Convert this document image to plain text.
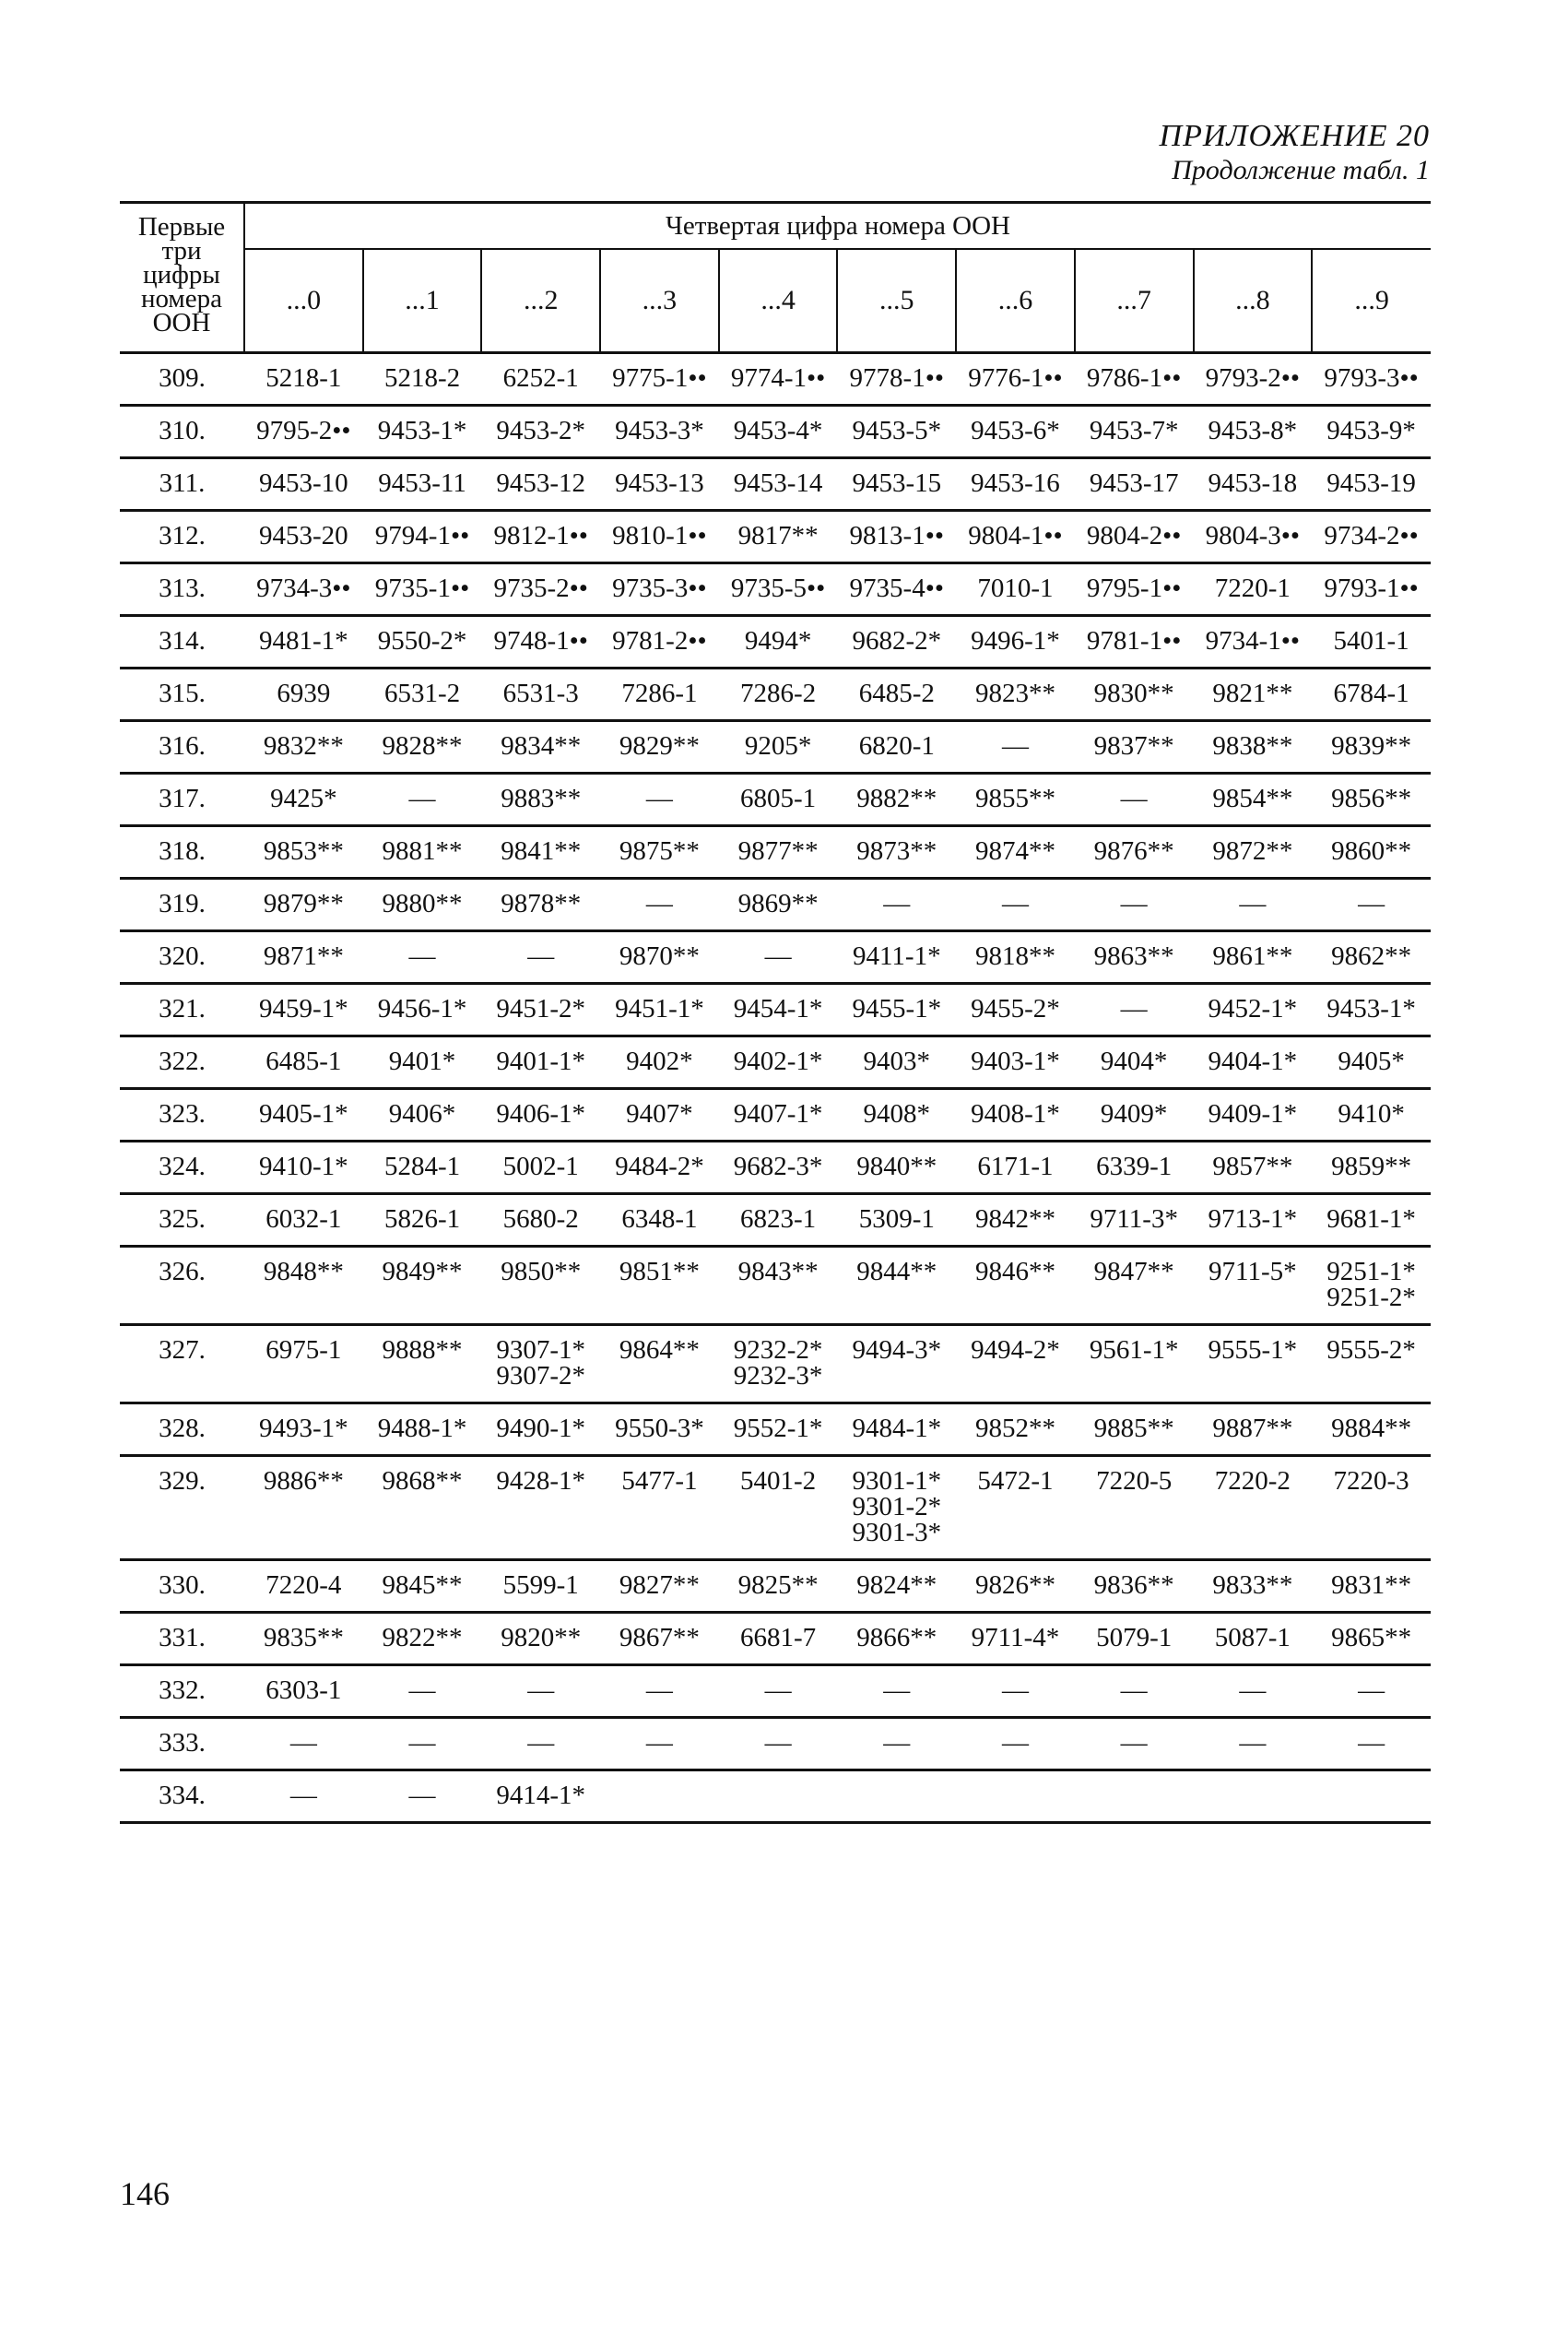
ПРИЛОЖЕНИЕ 20
Продолжение табл. 1
Первые три цифры номера ООН	Четвертая цифра номера ООН									
	...0	...1	...2	...3	...4	...5	...6	...7	...8	...9
309.	5218-1	5218-2	6252-1	9775-1••	9774-1••	9778-1••	9776-1••	9786-1••	9793-2••	9793-3••
310.	9795-2••	9453-1*	9453-2*	9453-3*	9453-4*	9453-5*	9453-6*	9453-7*	9453-8*	9453-9*
311.	9453-10	9453-11	9453-12	9453-13	9453-14	9453-15	9453-16	9453-17	9453-18	9453-19
312.	9453-20	9794-1••	9812-1••	9810-1••	9817**	9813-1••	9804-1••	9804-2••	9804-3••	9734-2••
313.	9734-3••	9735-1••	9735-2••	9735-3••	9735-5••	9735-4••	7010-1	9795-1••	7220-1	9793-1••
314.	9481-1*	9550-2*	9748-1••	9781-2••	9494*	9682-2*	9496-1*	9781-1••	9734-1••	5401-1
315.	6939	6531-2	6531-3	7286-1	7286-2	6485-2	9823**	9830**	9821**	6784-1
316.	9832**	9828**	9834**	9829**	9205*	6820-1	—	9837**	9838**	9839**
317.	9425*	—	9883**	—	6805-1	9882**	9855**	—	9854**	9856**
318.	9853**	9881**	9841**	9875**	9877**	9873**	9874**	9876**	9872**	9860**
319.	9879**	9880**	9878**	—	9869**	—	—	—	—	—
320.	9871**	—	—	9870**	—	9411-1*	9818**	9863**	9861**	9862**
321.	9459-1*	9456-1*	9451-2*	9451-1*	9454-1*	9455-1*	9455-2*	—	9452-1*	9453-1*
322.	6485-1	9401*	9401-1*	9402*	9402-1*	9403*	9403-1*	9404*	9404-1*	9405*
323.	9405-1*	9406*	9406-1*	9407*	9407-1*	9408*	9408-1*	9409*	9409-1*	9410*
324.	9410-1*	5284-1	5002-1	9484-2*	9682-3*	9840**	6171-1	6339-1	9857**	9859**
325.	6032-1	5826-1	5680-2	6348-1	6823-1	5309-1	9842**	9711-3*	9713-1*	9681-1*
326.	9848**	9849**	9850**	9851**	9843**	9844**	9846**	9847**	9711-5*	9251-1*
9251-2*
327.	6975-1	9888**	9307-1*
9307-2*	9864**	9232-2*
9232-3*	9494-3*	9494-2*	9561-1*	9555-1*	9555-2*
328.	9493-1*	9488-1*	9490-1*	9550-3*	9552-1*	9484-1*	9852**	9885**	9887**	9884**
329.	9886**	9868**	9428-1*	5477-1	5401-2	9301-1*
9301-2*
9301-3*	5472-1	7220-5	7220-2	7220-3
330.	7220-4	9845**	5599-1	9827**	9825**	9824**	9826**	9836**	9833**	9831**
331.	9835**	9822**	9820**	9867**	6681-7	9866**	9711-4*	5079-1	5087-1	9865**
332.	6303-1	—	—	—	—	—	—	—	—	—
333.	—	—	—	—	—	—	—	—	—	—
334.	—	—	9414-1*							
146
